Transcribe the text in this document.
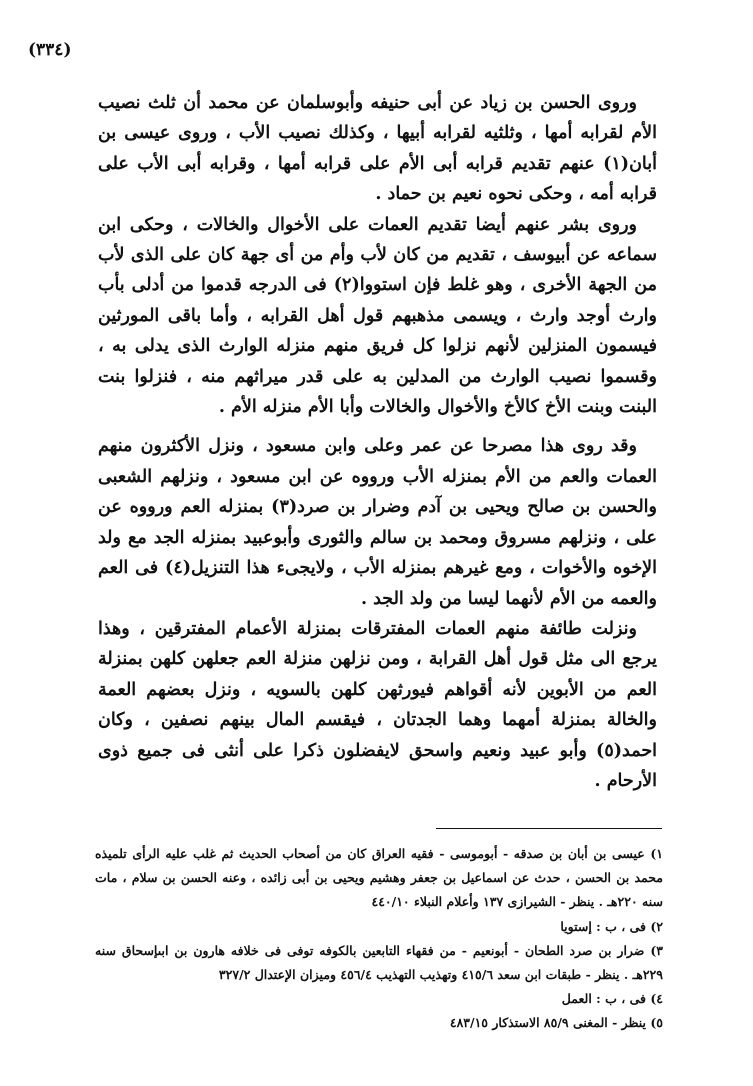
(٣٣٤)

وروى الحسن بن زياد عن أبى حنيفه وأبوسلمان عن محمد أن ثلث نصيب الأم لقرابه أمها ، وثلثيه لقرابه أبيها ، وكذلك نصيب الأب ، وروى عيسى بن أبان(١) عنهم تقديم قرابه أبى الأم على قرابه أمها ، وقرابه أبى الأب على قرابه أمه ، وحكى نحوه نعيم بن حماد .

وروى بشر عنهم أيضا تقديم العمات على الأخوال والخالات ، وحكى ابن سماعه عن أبيوسف ، تقديم من كان لأب وأم من أى جهة كان على الذى لأب من الجهة الأخرى ، وهو غلط فإن استووا(٢) فى الدرجه قدموا من أدلى بأب وارث أوجد وارث ، ويسمى مذهبهم قول أهل القرابه ، وأما باقى المورثين فيسمون المنزلين لأنهم نزلوا كل فريق منهم منزله الوارث الذى يدلى به ، وقسموا نصيب الوارث من المدلين به على قدر ميراثهم منه ، فنزلوا بنت البنت وبنت الأخ كالأخ والأخوال والخالات وأبا الأم منزله الأم .

وقد روى هذا مصرحا عن عمر وعلى وابن مسعود ، ونزل الأكثرون منهم العمات والعم من الأم بمنزله الأب ورووه عن ابن مسعود ، ونزلهم الشعبى والحسن بن صالح ويحيى بن آدم وضرار بن صرد(٣) بمنزله العم ورووه عن على ، ونزلهم مسروق ومحمد بن سالم والثورى وأبوعبيد بمنزله الجد مع ولد الإخوه والأخوات ، ومع غيرهم بمنزله الأب ، ولايجىء هذا التنزيل(٤) فى العم والعمه من الأم لأنهما ليسا من ولد الجد .

ونزلت طائفة منهم العمات المفترقات بمنزلة الأعمام المفترقين ، وهذا يرجع الى مثل قول أهل القرابة ، ومن نزلهن منزلة العم جعلهن كلهن بمنزلة العم من الأبوين لأنه أقواهم فيورثهن كلهن بالسويه ، ونزل بعضهم العمة والخالة بمنزلة أمهما وهما الجدتان ، فيقسم المال بينهم نصفين ، وكان احمد(٥) وأبو عبيد ونعيم واسحق لايفضلون ذكرا على أنثى فى جميع ذوى الأرحام .

١) عيسى بن أبان بن صدقه - أبوموسى - فقيه العراق كان من أصحاب الحديث ثم غلب عليه الرأى تلميذه محمد بن الحسن ، حدث عن اسماعيل بن جعفر وهشيم ويحيى بن أبى زائده ، وعنه الحسن بن سلام ، مات سنه ٢٢٠هـ . ينظر - الشيرازى ١٣٧ وأعلام النبلاء ٤٤٠/١٠

٢) فى ، ب : إستويا

٣) ضرار بن صرد الطحان - أبونعيم - من فقهاء التابعين بالكوفه توفى فى خلافه هارون بن ابىإسحاق سنه ٢٢٩هـ . ينظر - طبقات ابن سعد ٤١٥/٦ وتهذيب التهذيب ٤٥٦/٤ وميزان الإعتدال ٣٢٧/٢

٤) فى ، ب : العمل

٥) ينظر - المغنى ٨٥/٩ الاستذكار ٤٨٣/١٥
